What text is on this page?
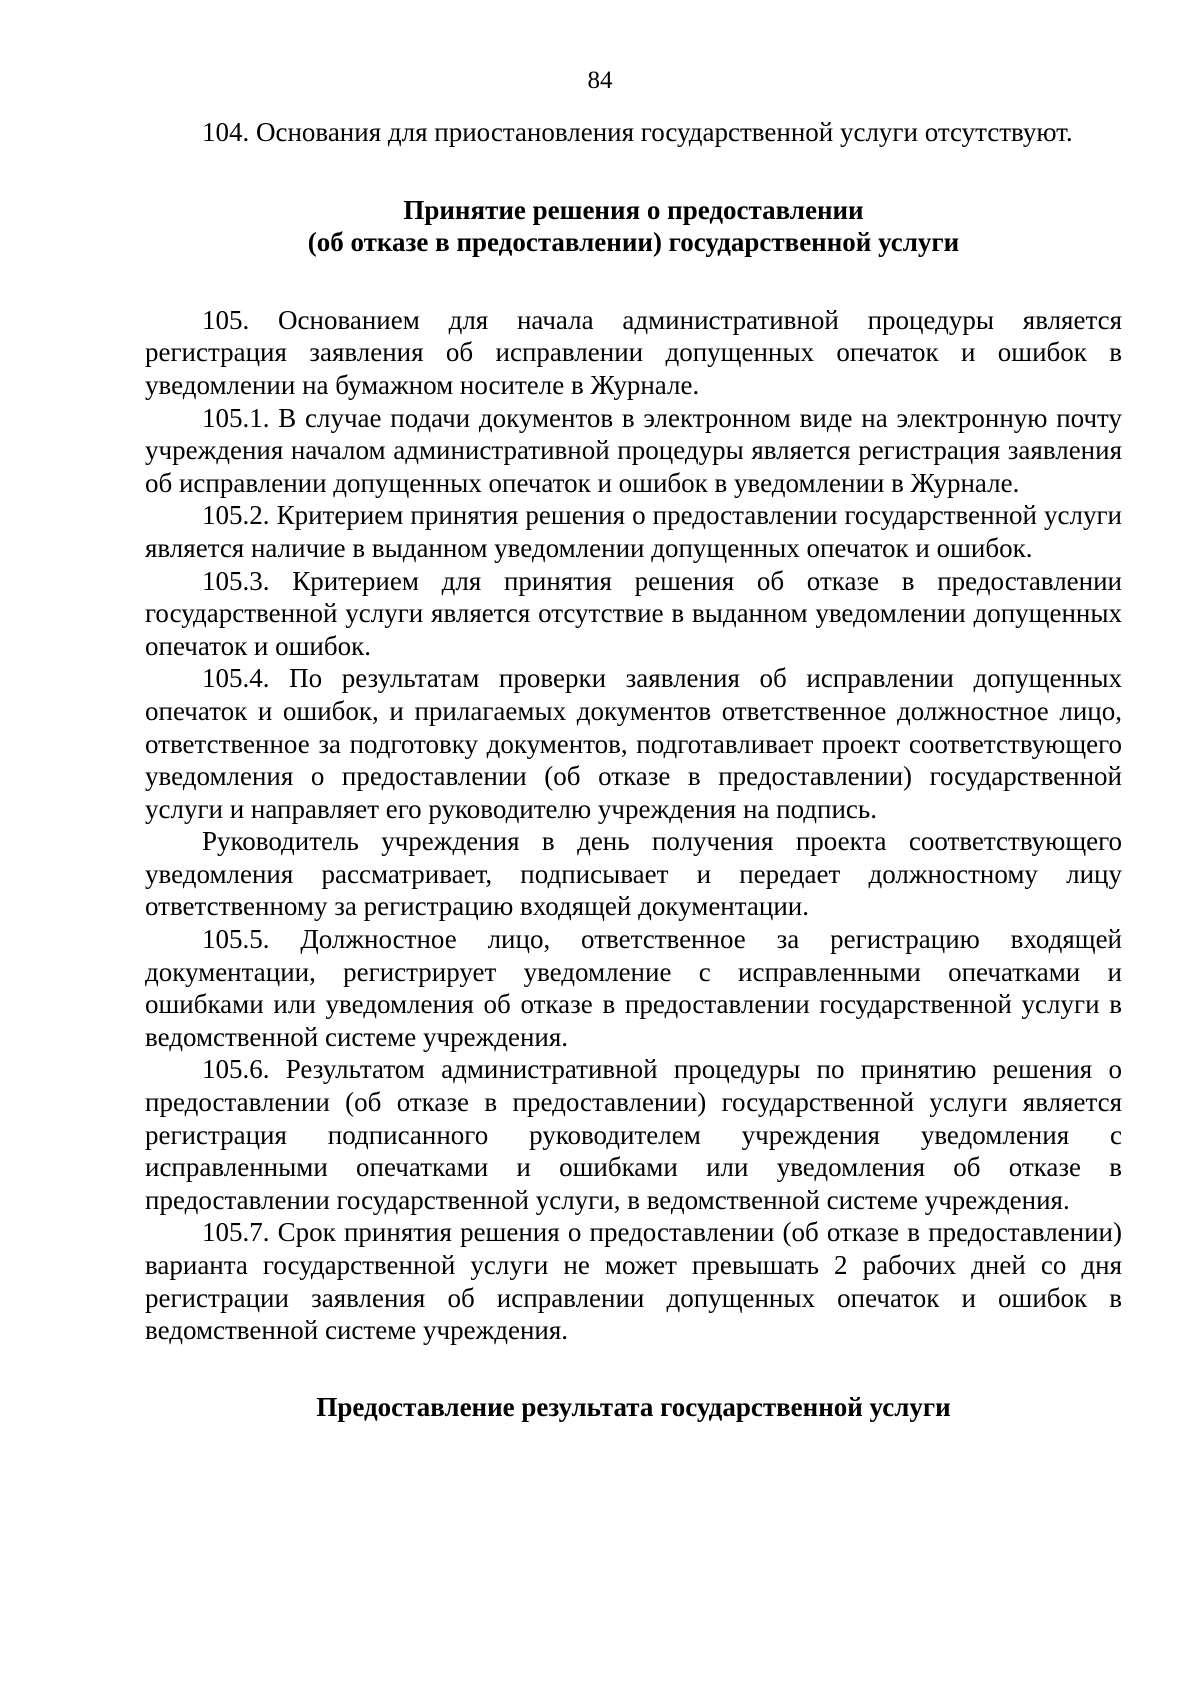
84

104. Основания для приостановления государственной услуги отсутствуют.

Принятие решения о предоставлении
(об отказе в предоставлении) государственной услуги

105. Основанием для начала административной процедуры является регистрация заявления об исправлении допущенных опечаток и ошибок в уведомлении на бумажном носителе в Журнале.

105.1. В случае подачи документов в электронном виде на электронную почту учреждения началом административной процедуры является регистрация заявления об исправлении допущенных опечаток и ошибок в уведомлении в Журнале.

105.2. Критерием принятия решения о предоставлении государственной услуги является наличие в выданном уведомлении допущенных опечаток и ошибок.

105.3. Критерием для принятия решения об отказе в предоставлении государственной услуги является отсутствие в выданном уведомлении допущенных опечаток и ошибок.

105.4. По результатам проверки заявления об исправлении допущенных опечаток и ошибок, и прилагаемых документов ответственное должностное лицо, ответственное за подготовку документов, подготавливает проект соответствующего уведомления о предоставлении (об отказе в предоставлении) государственной услуги и направляет его руководителю учреждения на подпись.

Руководитель учреждения в день получения проекта соответствующего уведомления рассматривает, подписывает и передает должностному лицу ответственному за регистрацию входящей документации.

105.5. Должностное лицо, ответственное за регистрацию входящей документации, регистрирует уведомление с исправленными опечатками и ошибками или уведомления об отказе в предоставлении государственной услуги в ведомственной системе учреждения.

105.6. Результатом административной процедуры по принятию решения о предоставлении (об отказе в предоставлении) государственной услуги является регистрация подписанного руководителем учреждения уведомления с исправленными опечатками и ошибками или уведомления об отказе в предоставлении государственной услуги, в ведомственной системе учреждения.

105.7. Срок принятия решения о предоставлении (об отказе в предоставлении) варианта государственной услуги не может превышать 2 рабочих дней со дня регистрации заявления об исправлении допущенных опечаток и ошибок в ведомственной системе учреждения.

Предоставление результата государственной услуги
